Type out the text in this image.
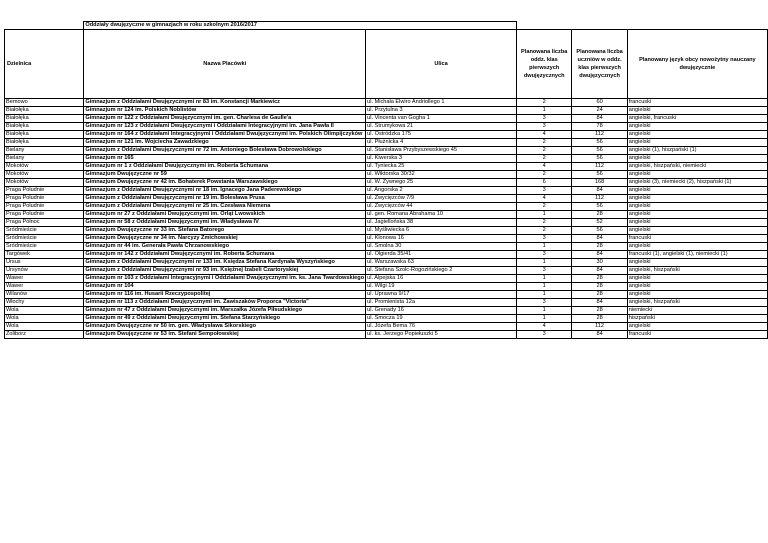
	Oddziały dwujęzyczne w gimnazjach w roku szkolnym 2016/2017				
Dzielnica	Nazwa Placówki	Ulica	Planowana liczba oddz. klas pierwszych dwujęzycznych	Planowana liczba uczniów w oddz. klas pierwszych dwujęzycznych	Planowany język obcy nowożytny nauczany dwujęzycznie
Bemowo	Gimnazjum z Oddziałami Dwujęzycznymi nr 83 im. Konstancji Markiewicz	ul. Michała Elwiro Andriollego 1	2	60	francuski
Białołęka	Gimnazjum nr 124 im. Polskich Noblistów	ul. Przytulna 3	1	24	angielski
Białołęka	Gimnazjum nr 122 z Oddziałami Dwujęzycznymi im. gen. Charlesa de Gaulle'a	ul. Vincenta van Gogha 1	3	84	angielski, francuski
Białołęka	Gimnazjum nr 123 z Oddziałami Dwujęzycznymi i Oddziałami Integracyjnymi im. Jana Pawła II	ul. Strumykowa 21	3	78	angielski
Białołęka	Gimnazjum nr 164 z Oddziałami Integracyjnymi i Oddziałami Dwujęzycznymi im. Polskich Olimpijczyków	ul. Ostródzka 175	4	112	angielski
Białołęka	Gimnazjum nr 121 im. Wojciecha Zawadzkiego	ul. Płużnicka 4	2	56	angielski
Bielany	Gimnazjum z Oddziałami Dwujęzycznymi nr 72 im. Antoniego Bolesława Dobrowolskiego	ul. Stanisława Przybyszewskiego 45	2	56	angielski (1), hiszpański (1)
Bielany	Gimnazjum nr 165	ul. Kiwerska 3	2	56	angielski
Mokotów	Gimnazjum nr 1 z Oddziałami Dwujęzycznymi im. Roberta Schumana	ul. Tyniecka 25	4	112	angielski, hiszpański, niemiecki
Mokotów	Gimnazjum Dwujęzyczne nr 59	ul. Wiktorska 30/32	2	56	angielski
Mokotów	Gimnazjum Dwujęzyczne nr 42 im. Bohaterek Powstania Warszawskiego	ul. W. Żywnego 25	6	168	angielski (3), niemiecki (2), hiszpański (1)
Praga Południe	Gimnazjum z Oddziałami Dwujęzycznymi nr 18 im. Ignacego Jana Paderewskiego	ul. Angorska 2	3	84	angielski
Praga Południe	Gimnazjum z Oddziałami Dwujęzycznymi nr 19 im. Bolesława Prusa	ul. Zwycięzców 7/9	4	112	angielski
Praga Południe	Gimnazjum z Oddziałami Dwujęzycznymi nr 25 im. Czesława Niemena	ul. Zwycięzców 44	2	56	angielski
Praga Południe	Gimnazjum nr 27 z Oddziałami Dwujęzycznymi im. Orląt Lwowskich	ul. gen. Romana Abrahama 10	1	28	angielski
Praga Północ	Gimnazjum nr 58 z Oddziałami Dwujęzycznymi im. Władysława IV	ul. Jagiellońska 38	2	52	angielski
Śródmieście	Gimnazjum Dwujęzyczne nr 33 im. Stefana Batorego	ul. Myśliwiecka 6	2	56	angielski
Śródmieście	Gimnazjum Dwujęzyczne nr 34 im. Narcyzy Żmichowskiej	ul. Klonowa 16	3	84	francuski
Śródmieście	Gimnazjum nr 44 im. Generała Pawła Chrzanowskiego	ul. Smolna 30	1	28	angielski
Targówek	Gimnazjum nr 142 z Oddziałami Dwujęzycznymi im. Roberta Schumana	ul. Olgierda 35/41	3	84	francuski (1), angielski (1), niemiecki (1)
Ursus	Gimnazjum z Oddziałami Dwujęzycznymi nr 133 im. Księdza Stefana Kardynała Wyszyńskiego	ul. Warszawska 63	1	30	angielski
Ursynów	Gimnazjum z Oddziałami Dwujęzycznymi nr 93 im. Księżnej Izabeli Czartoryskiej	ul. Stefana Szolc-Rogozińskiego 2	3	84	angielski, hiszpański
Wawer	Gimnazjum nr 103 z Oddziałami Integracyjnymi i Oddziałami Dwujęzycznymi im. ks. Jana Twardowskiego	ul. Alpejska 16	1	28	angielski
Wawer	Gimnazjum nr 104	ul. Wilgi 19	1	28	angielski
Wilanów	Gimnazjum nr 116 im. Husarii Rzeczypospolitej	ul. Uprawna 9/17	1	28	angielski
Włochy	Gimnazjum nr 113 z Oddziałami Dwujęzycznymi im. Zawiszaków Proporca "Victoria"	ul. Promienista 12a	3	84	angielski, hiszpański
Wola	Gimnazjum nr 47 z Oddziałami Dwujęzycznymi im. Marszałka Józefa Piłsudskiego	ul. Grenady 16	1	28	niemiecki
Wola	Gimnazjum nr 49 z Oddziałami Dwujęzycznymi im. Stefana Starzyńskiego	ul. Smocza 19	1	28	hiszpański
Wola	Gimnazjum Dwujęzyczne nr 50 im. gen. Władysława Sikorskiego	ul. Józefa Bema 76	4	112	angielski
Żoliborz	Gimnazjum Dwujęzyczne nr 53 im. Stefani Sempołowskiej	ul. ks. Jerzego Popiełuszki 5	3	84	francuski
